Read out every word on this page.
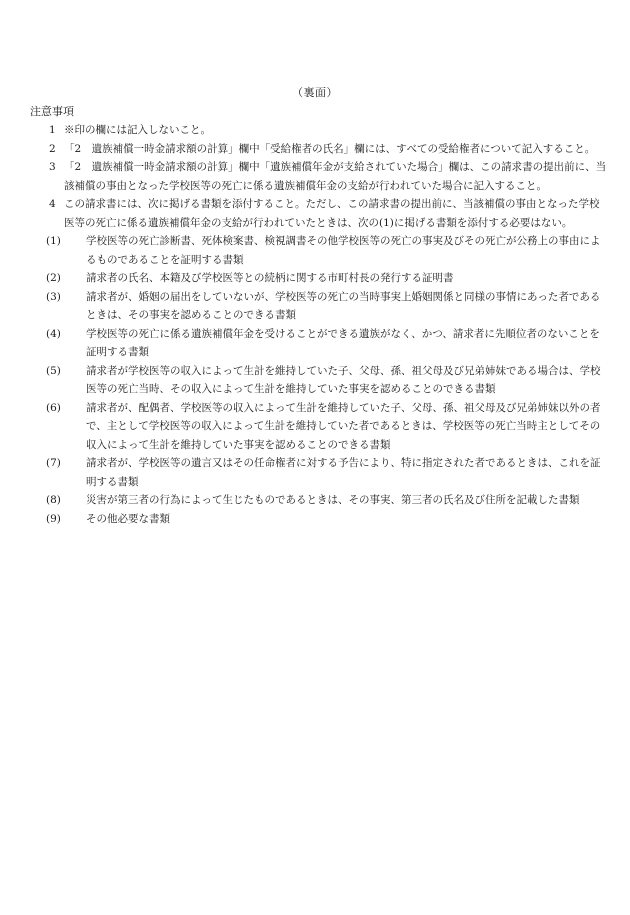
（裏面）
注意事項
1 ※印の欄には記入しないこと。
2 「2　遺族補償一時金請求額の計算」欄中「受給権者の氏名」欄には、すべての受給権者について記入すること。
3 「2　遺族補償一時金請求額の計算」欄中「遺族補償年金が支給されていた場合」欄は、この請求書の提出前に、当該補償の事由となった学校医等の死亡に係る遺族補償年金の支給が行われていた場合に記入すること。
4 この請求書には、次に掲げる書類を添付すること。ただし、この請求書の提出前に、当該補償の事由となった学校医等の死亡に係る遺族補償年金の支給が行われていたときは、次の(1)に掲げる書類を添付する必要はない。
(1) 学校医等の死亡診断書、死体検案書、検視調書その他学校医等の死亡の事実及びその死亡が公務上の事由によるものであることを証明する書類
(2) 請求者の氏名、本籍及び学校医等との続柄に関する市町村長の発行する証明書
(3) 請求者が、婚姻の届出をしていないが、学校医等の死亡の当時事実上婚姻関係と同様の事情にあった者であるときは、その事実を認めることのできる書類
(4) 学校医等の死亡に係る遺族補償年金を受けることができる遺族がなく、かつ、請求者に先順位者のないことを証明する書類
(5) 請求者が学校医等の収入によって生計を維持していた子、父母、孫、祖父母及び兄弟姉妹である場合は、学校医等の死亡当時、その収入によって生計を維持していた事実を認めることのできる書類
(6) 請求者が、配偶者、学校医等の収入によって生計を維持していた子、父母、孫、祖父母及び兄弟姉妹以外の者で、主として学校医等の収入によって生計を維持していた者であるときは、学校医等の死亡当時主としてその収入によって生計を維持していた事実を認めることのできる書類
(7) 請求者が、学校医等の遺言又はその任命権者に対する予告により、特に指定された者であるときは、これを証明する書類
(8) 災害が第三者の行為によって生じたものであるときは、その事実、第三者の氏名及び住所を記載した書類
(9) その他必要な書類
